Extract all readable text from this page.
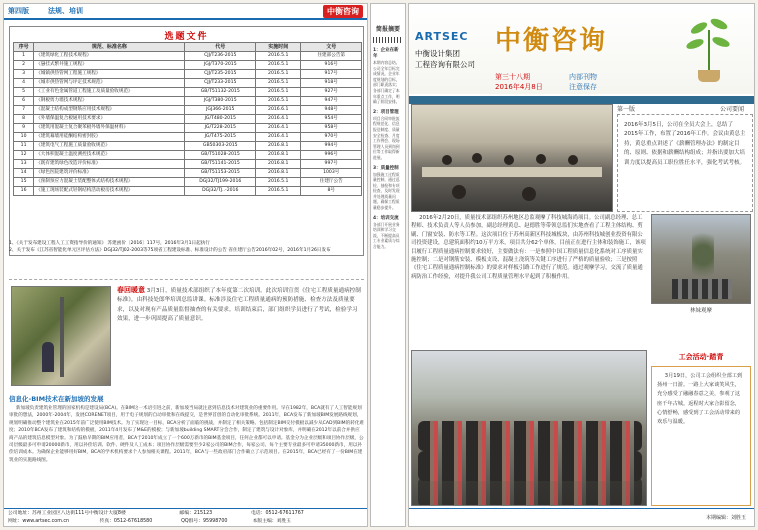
第四版	法规、培训	中衡咨询
选题文件
序号	规范、标准名称	代号	实施时间	文号
1	《建筑绿化工程技术规程》	CJJ/T236-2015	2016.5.1	住建部公告第
2	《悬挂式繁井施工规程》	JGJ/T370-2015	2016.5.1	916号
3	《城镇供热管网工程施工规程》	CJJ/T235-2015	2016.5.1	917号
4	《城市供热管网与评定技术规范》	CJJ/T233-2015	2016.5.1	918号
5	《工业有色金属管道工程施工及质量验收规范》	GB/T51132-2015	2016.5.1	927号
6	《钢板剪力墙技术规程》	JGJ/T380-2015	2016.5.1	947号
7	《混凝土结构成型钢筋应用技术规程》	JGJ366-2015	2016.6.1	948号
8	《外墙保温复合板通用技术要求》	JG/T480-2015	2016.4.1	954号
9	《建筑用混凝土复合聚苯板外墙外保温材料》	JG/T228-2015	2016.4.1	958号
10	《建筑幕墙用硅酮结构密封胶》	JG/T475-2015	2016.4.1	970号
11	《建筑电气工程施工质量验收规范》	GB50303-2015	2016.8.1	994号
12	《大体积混凝土温度测控技术规范》	GB/T51028-2015	2016.8.1	996号
13	《既有建筑绿色改造评价标准》	GB/T51141-2015	2016.8.1	997号
14	《绿色医院建筑评价标准》	GB/T51153-2015	2016.8.1	1003号
15	《预制预应力混凝土装配整体式结构技术规程》	DGJ32/TJ199-2016	2016.5.1	住建厅公告
16	《施工现场装配式轻钢结构活动板房技术规程》	DGJ32/TJ..-2016	2016.5.1	8号
1、《关于发布建设工程人工工资指导价的通知》 苏建函价〔2016〕117号，2016年3月1日起执行
2、关于发布《江苏省智能化单元区评估方法》DGJ32/TJ02-2003等75项省工程建设标准、标准设计的公告 省住建厅公告2016年02号，2016年1月26日发布
春回暖意 3月3日，质量技术部组织了本年度第二次培训。此次培训宣贯《住宅工程质量通病控制标准》，由科技处郎华培训总监讲课。标准涉及住宅工程质量通病的预防措施、检查方法及质量要求，以及对现有产品质量监督抽查的有关要求。培训结束后，部门组织学员进行了考试，检验学习效果，进一步巩固提高了质量意识。
信息化-BIM技术在新加坡的发展
新加坡负责建筑业管理的国家机构是建设局(BCA)。在BIM这一术语引进之前，新加坡当局就注意到信息技术对建筑业的重要作用。早在1982年，BCA就有了人工智能规划审批的想法，2000年-2004年，发展CORENET项目，用于电子规划的自动审批和在线提交，是世界首创的自动化审批系统。2011年，BCA发布了新加坡BIM发展路线规划，规划明确推动整个建筑业在2015年前广泛使用BIM技术。为了实现这一目标，BCA分析了面临的挑战，并制定了相关策略。包括制定BIM交付模板以减少从CAD到BIM的转化难度；2010年BCA发布了建筑和结构的模板，2011年4月发布了M&E的模板；与新加坡building SMART分会合作，制定了建筑与设计对象库，并明确在2012年以前合并供应商产品的建筑信息模型对象。为了鼓励早期的BIM应用者，BCA于2010年成立了一个600万新币的BIM基金项目，任何企业都可以申请。基金分为企业层级和项目协作层级，公司层级最多可申请20000新币，用以补偿培训、软件、硬件及人工成本；项目协作层级需要至少2家公司的BIM合作，每家公司、每个主要专业最多可申请35000新币，用以补偿培训成本。为确保企业能够用好BIM，BCA的学术机构要求个人参加相关课程。2011年，BCA与一些政府部门合作确立了示范项目。在2015年，BCA已经有了一份BIM在建筑业的实施路线图。
公司地址：苏州工业园区八达街111号中衡设计大厦8楼	邮编：215123	电话：0512-67611767
网址：www.artsec.com.cn	传真：0512-67618580	QQ群号：95998700	本版主编：刘胜玉
简报摘要
1：企业在新年
本期内容总结。公司全年目标完成情况，企业年度规划的目标，部门职责落实；各部门确定了本年重点工作，明确了阶段安排。
2：项目管理
项目合同审批流程规范化、信息报送制度、质量安全检查、月度工作例会、现场管理人员到岗到位等工作取得新进展。
3：质量控制
加强施工过程质量控制，通过巡检、抽检和专项检查，及时发现并处理质量问题，确保工程质量稳步提升。
4：培训交流
各部门开展业务培训和学习交流，不断提高员工专业素质与综合能力。
ARTSEC
中衡设计集团
工程咨询有限公司
中衡咨询
第三十八期
2016年4月8日
内部刊物
注意保存
第一版	公司要闻
2016年3月5日，公司在全员大会上，总结了2015年工作，布置了2016年工作。会议由黄总主持，黄总重点讲述了《薪酬管理办法》的制定目的、原则、依据和薪酬结构组成；并指出要加大培训力度以提高员工职位胜任水平，强化考试考核。
2016年2月20日，质量技术部组织苏州地区总监观摩了科技城海尚项目。公司副总经理、总工程师、技术负责人等人员参加，副总经理黄总、赵德胜等带领总监们实地查看了工程主体结构、剪刷、门窗安装、防水等工程。这次项目位于苏州高新区科技城板块，由苏州科技城创业投资有限公司投资建设，总建筑面积约10万平方米，项目共分62个单体，目前正在进行主体和装饰施工，该项目履行工程质量通病控制要求较好，主要做法有：一是参照中国工程质量信息化系统对工序质量实施控制；二是对钢筋安装、模板支设、混凝土浇筑等关键工序进行了严格的质量验收；三是按照《住宅工程质量通病控制标准》的要求对样板引路工作进行了规范。通过观摩学习，交流了质量通病防治工作经验，对提升我公司工程质量管理水平起到了积极作用。
林妹观摩
工会活动·踏青
3月19日，公司工会组织全部工到扬州一日游。一路上大家谈笑风生，充分感受了融融春意之美，参观了这座千年古城。返程时大家合影留念，心情舒畅，感受到了工会活动带来的欢乐与温暖。
本期编辑：刘胜玉
